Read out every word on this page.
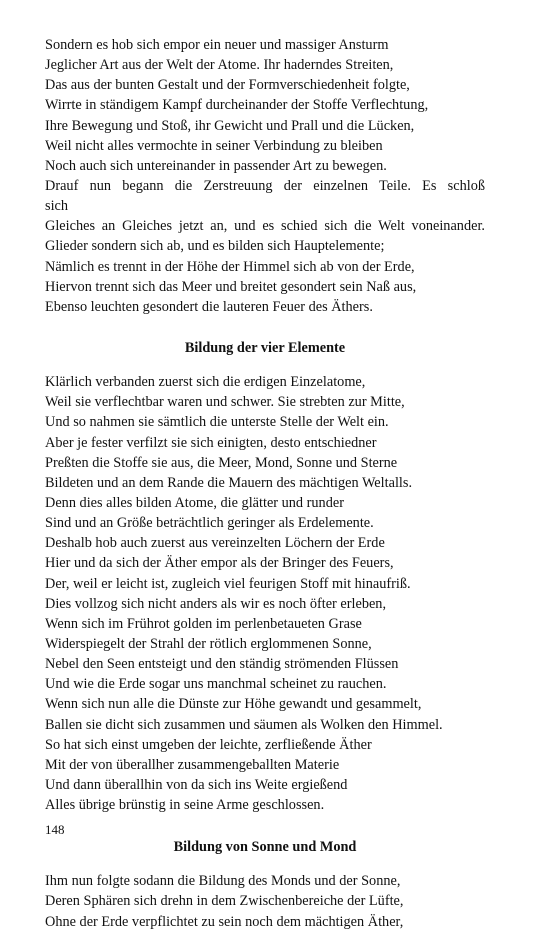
Sondern es hob sich empor ein neuer und massiger Ansturm
Jeglicher Art aus der Welt der Atome. Ihr haderndes Streiten,
Das aus der bunten Gestalt und der Formverschiedenheit folgte,
Wirrte in ständigem Kampf durcheinander der Stoffe Verflechtung,
Ihre Bewegung und Stoß, ihr Gewicht und Prall und die Lücken,
Weil nicht alles vermochte in seiner Verbindung zu bleiben
Noch auch sich untereinander in passender Art zu bewegen.
Drauf nun begann die Zerstreuung der einzelnen Teile. Es schloß
sich
Gleiches an Gleiches jetzt an, und es schied sich die Welt voneinander.
Glieder sondern sich ab, und es bilden sich Hauptelemente;
Nämlich es trennt in der Höhe der Himmel sich ab von der Erde,
Hiervon trennt sich das Meer und breitet gesondert sein Naß aus,
Ebenso leuchten gesondert die lauteren Feuer des Äthers.
Bildung der vier Elemente
Klärlich verbanden zuerst sich die erdigen Einzelatome,
Weil sie verflechtbar waren und schwer. Sie strebten zur Mitte,
Und so nahmen sie sämtlich die unterste Stelle der Welt ein.
Aber je fester verfilzt sie sich einigten, desto entschiedner
Preßten die Stoffe sie aus, die Meer, Mond, Sonne und Sterne
Bildeten und an dem Rande die Mauern des mächtigen Weltalls.
Denn dies alles bilden Atome, die glätter und runder
Sind und an Größe beträchtlich geringer als Erdelemente.
Deshalb hob auch zuerst aus vereinzelten Löchern der Erde
Hier und da sich der Äther empor als der Bringer des Feuers,
Der, weil er leicht ist, zugleich viel feurigen Stoff mit hinaufriß.
Dies vollzog sich nicht anders als wir es noch öfter erleben,
Wenn sich im Frührot golden im perlenbetaueten Grase
Widerspiegelt der Strahl der rötlich erglommenen Sonne,
Nebel den Seen entsteigt und den ständig strömenden Flüssen
Und wie die Erde sogar uns manchmal scheinet zu rauchen.
Wenn sich nun alle die Dünste zur Höhe gewandt und gesammelt,
Ballen sie dicht sich zusammen und säumen als Wolken den Himmel.
So hat sich einst umgeben der leichte, zerfließende Äther
Mit der von überallher zusammengeballten Materie
Und dann überallhin von da sich ins Weite ergießend
Alles übrige brünstig in seine Arme geschlossen.
Bildung von Sonne und Mond
Ihm nun folgte sodann die Bildung des Monds und der Sonne,
Deren Sphären sich drehn in dem Zwischenbereiche der Lüfte,
Ohne der Erde verpflichtet zu sein noch dem mächtigen Äther,
148
